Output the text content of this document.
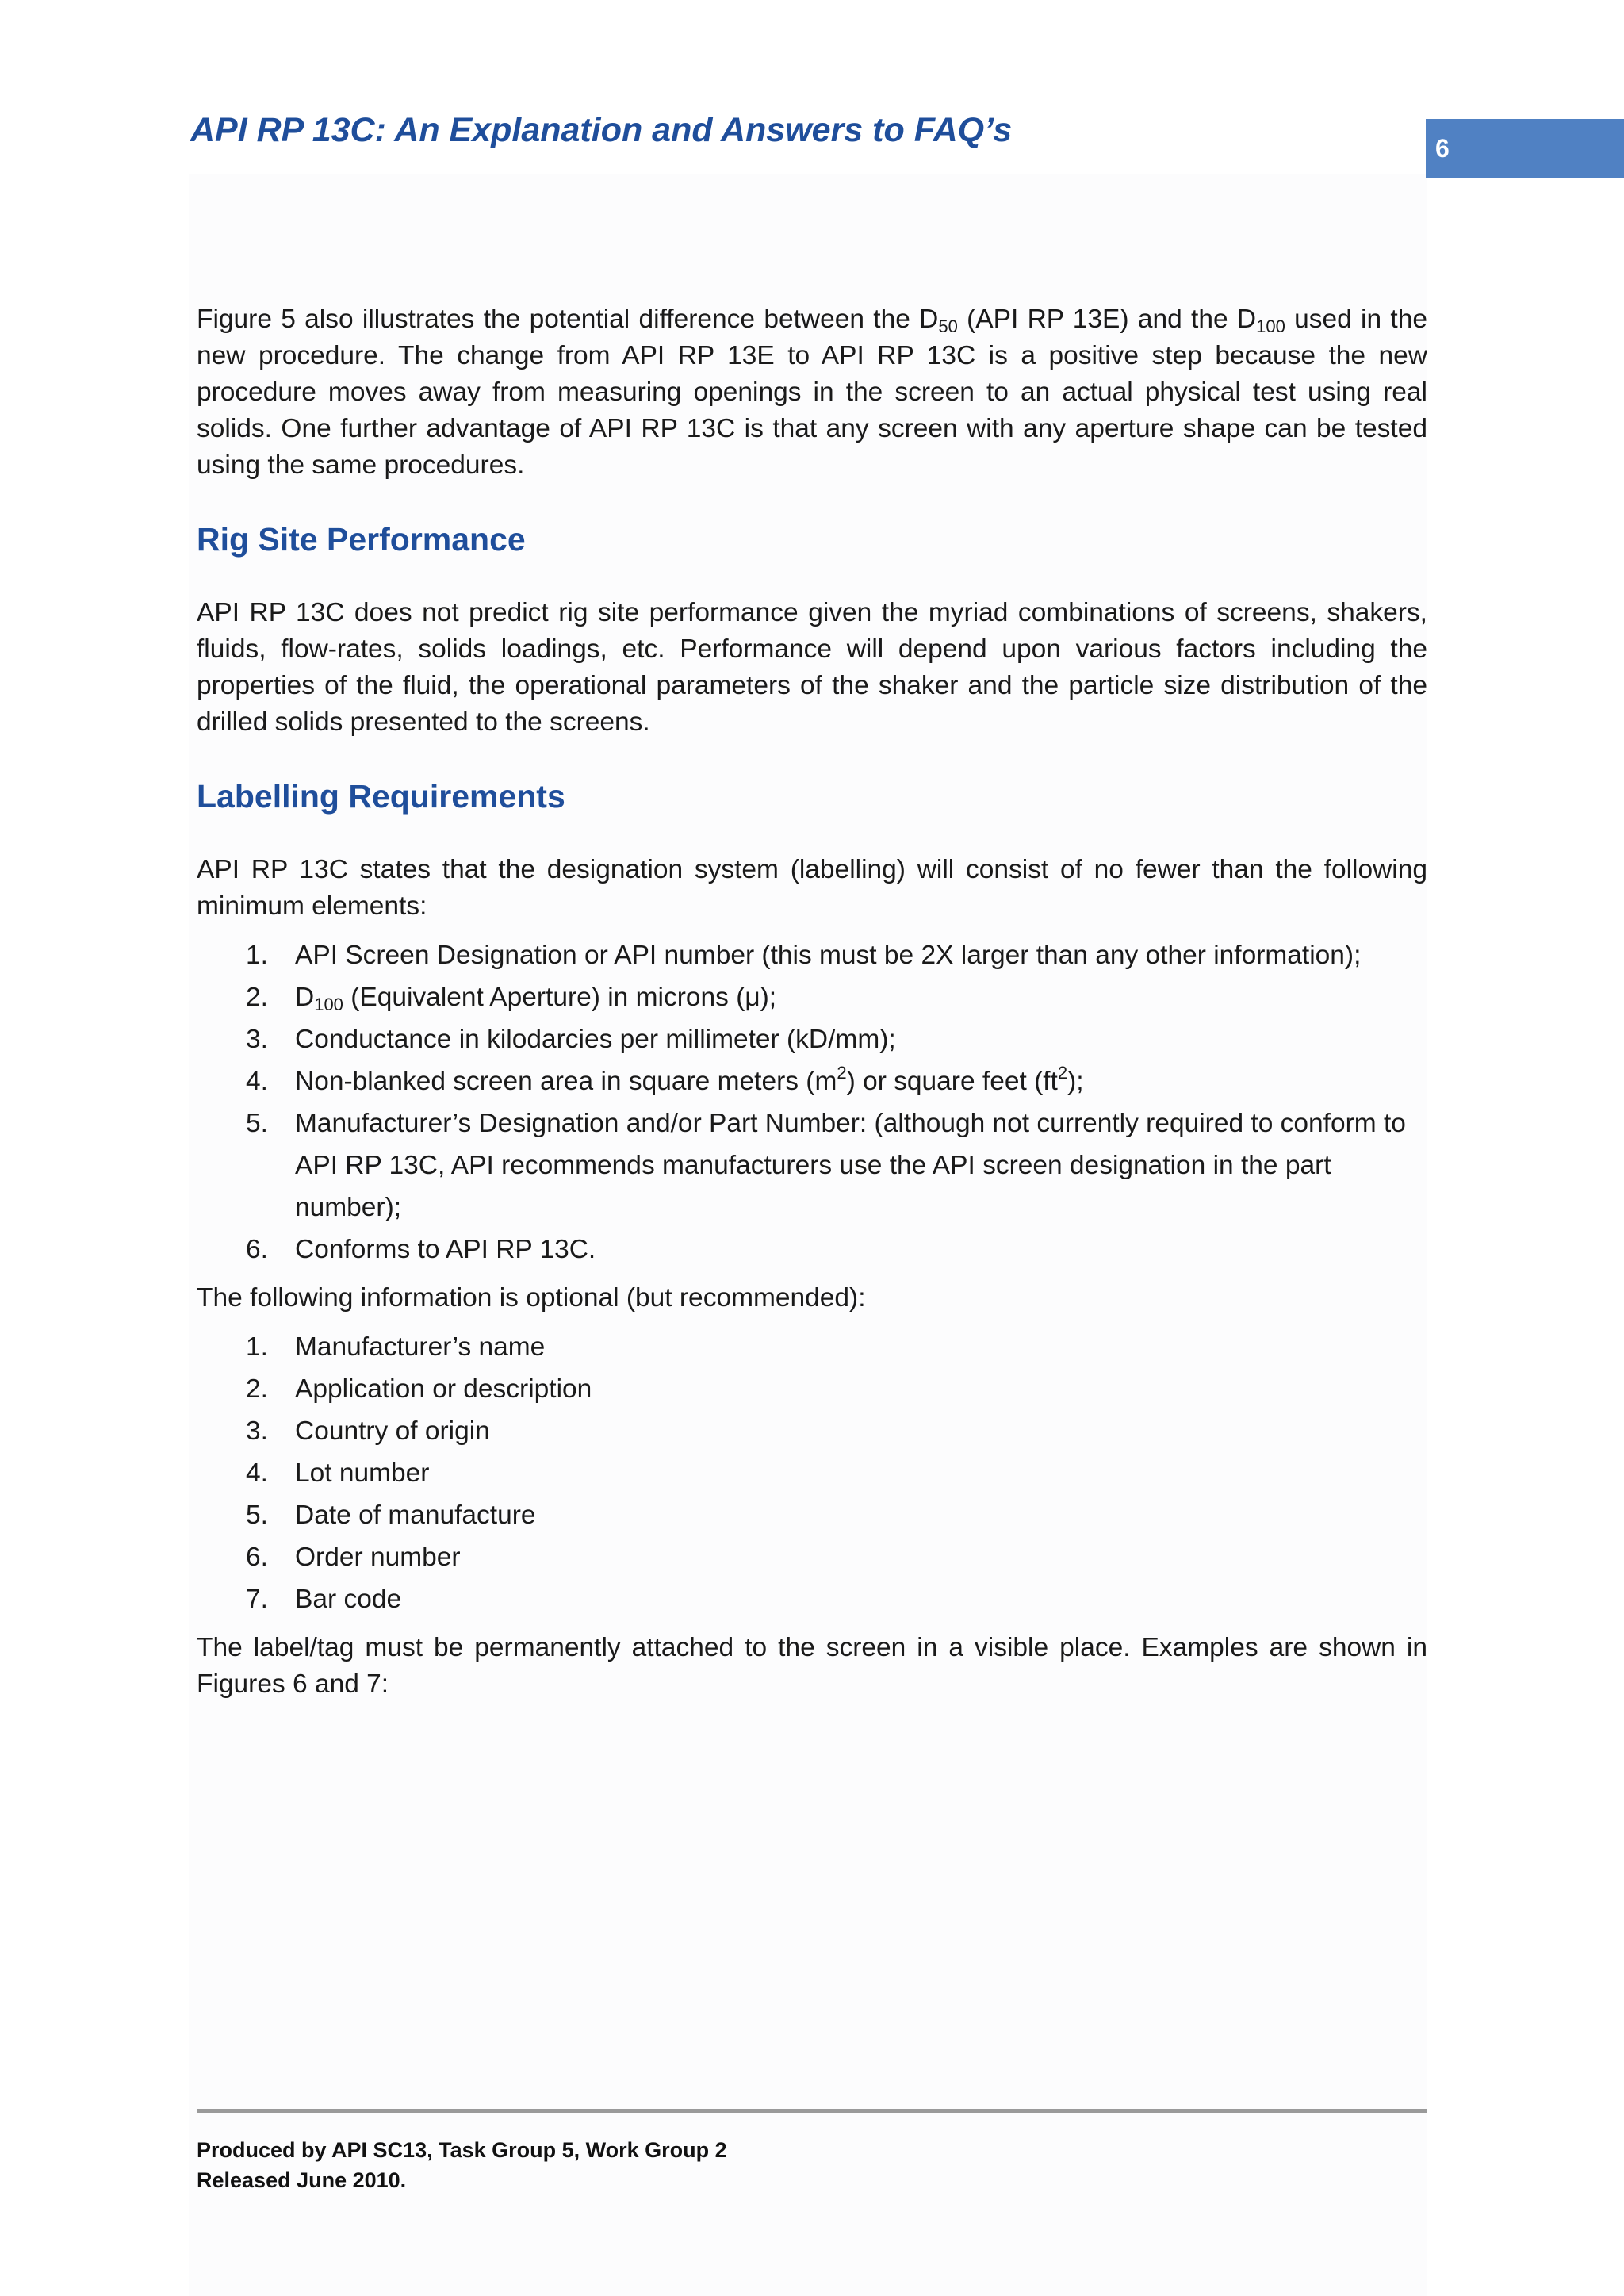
API RP 13C: An Explanation and Answers to FAQ’s	6

Figure 5 also illustrates the potential difference between the $D_{50}$ (API RP 13E) and the $D_{100}$ used in the new procedure. The change from API RP 13E to API RP 13C is a positive step because the new procedure moves away from measuring openings in the screen to an actual physical test using real solids. One further advantage of API RP 13C is that any screen with any aperture shape can be tested using the same procedures.

Rig Site Performance

API RP 13C does not predict rig site performance given the myriad combinations of screens, shakers, fluids, flow-rates, solids loadings, etc. Performance will depend upon various factors including the properties of the fluid, the operational parameters of the shaker and the particle size distribution of the drilled solids presented to the screens.

Labelling Requirements

API RP 13C states that the designation system (labelling) will consist of no fewer than the following minimum elements:

1. API Screen Designation or API number (this must be 2X larger than any other information);
2. $D_{100}$ (Equivalent Aperture) in microns (μ);
3. Conductance in kilodarcies per millimeter (kD/mm);
4. Non-blanked screen area in square meters $(m^2)$ or square feet $(ft^2)$;
5. Manufacturer’s Designation and/or Part Number: (although not currently required to conform to API RP 13C, API recommends manufacturers use the API screen designation in the part number);
6. Conforms to API RP 13C.

The following information is optional (but recommended):

1. Manufacturer’s name
2. Application or description
3. Country of origin
4. Lot number
5. Date of manufacture
6. Order number
7. Bar code

The label/tag must be permanently attached to the screen in a visible place. Examples are shown in Figures 6 and 7:

Produced by API SC13, Task Group 5, Work Group 2
Released June 2010.
